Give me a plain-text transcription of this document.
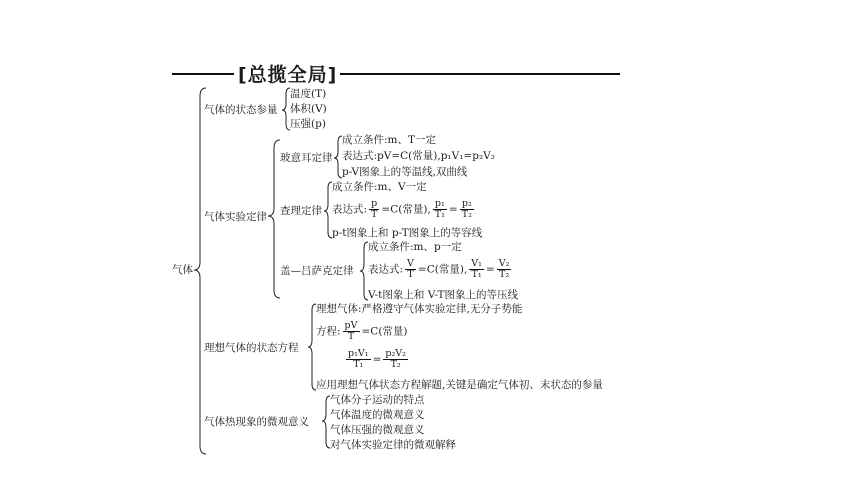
[总揽全局]
气体
气体的状态参量
温度(T)
体积(V)
压强(p)
气体实验定律
玻意耳定律
成立条件:m、T一定
表达式:pV=C(常量),p₁V₁=p₂V₂
p-V图象上的等温线,双曲线
查理定律
成立条件:m、V一定
表达式: $\frac{p}{T} =C$(常量), $\frac{\text{p₁}}{\text{T₁}} = \frac{\text{p₂}}{\text{T₂}}$
p-t图象上和 p-T图象上的等容线
盖—吕萨克定律
成立条件:m、p一定
表达式: $\frac{V}{T} =C$(常量), $\frac{\text{V₁}}{\text{T₁}} = \frac{\text{V₂}}{\text{T₂}}$
V-t图象上和 V-T图象上的等压线
理想气体的状态方程
理想气体:严格遵守气体实验定律,无分子势能
方程: $\frac{pV}{T} =C$(常量)
$\frac{\text{p₁V₁}}{\text{T₁}} = \frac{\text{p₂V₂}}{\text{T₂}}$
应用理想气体状态方程解题,关键是确定气体初、末状态的参量
气体热现象的微观意义
气体分子运动的特点
气体温度的微观意义
气体压强的微观意义
对气体实验定律的微观解释
